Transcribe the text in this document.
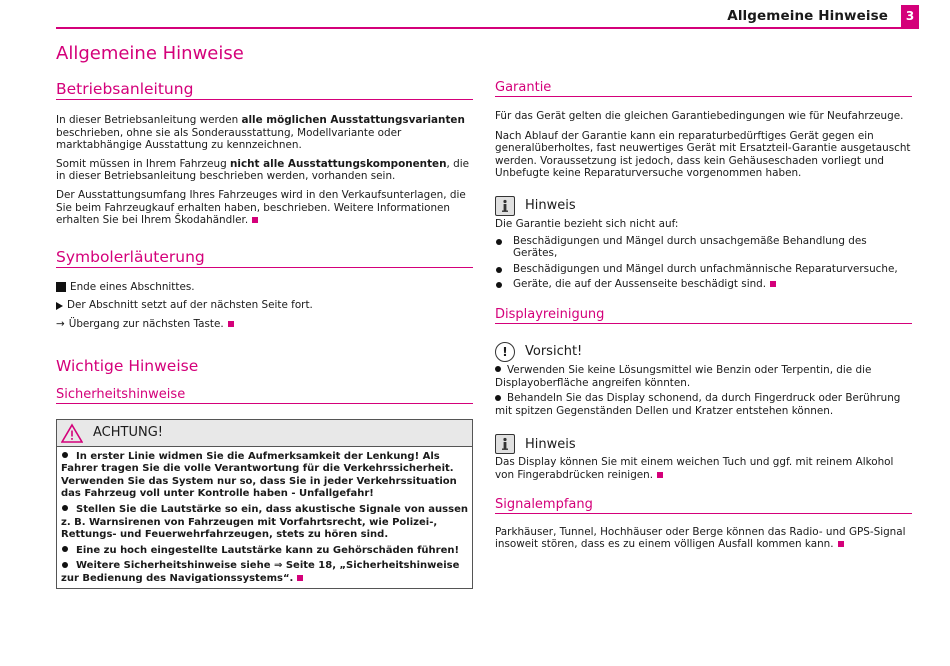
Allgemeine Hinweise	3
Allgemeine Hinweise
Betriebsanleitung

In dieser Betriebsanleitung werden alle möglichen Ausstattungsvarianten beschrieben, ohne sie als Sonderausstattung, Modellvariante oder marktabhängige Ausstattung zu kennzeichnen.

Somit müssen in Ihrem Fahrzeug nicht alle Ausstattungskomponenten, die in dieser Betriebsanleitung beschrieben werden, vorhanden sein.

Der Ausstattungsumfang Ihres Fahrzeuges wird in den Verkaufsunterlagen, die Sie beim Fahrzeugkauf erhalten haben, beschrieben. Weitere Informationen erhalten Sie bei Ihrem Škodahändler.

Symbolerläuterung
Ende eines Abschnittes.
Der Abschnitt setzt auf der nächsten Seite fort.
→ Übergang zur nächsten Taste.
Wichtige Hinweise
Sicherheitshinweise
ACHTUNG!
In erster Linie widmen Sie die Aufmerksamkeit der Lenkung! Als Fahrer tragen Sie die volle Verantwortung für die Verkehrssicherheit. Verwenden Sie das System nur so, dass Sie in jeder Verkehrssituation das Fahrzeug voll unter Kontrolle haben - Unfallgefahr!
Stellen Sie die Lautstärke so ein, dass akustische Signale von aussen z. B. Warnsirenen von Fahrzeugen mit Vorfahrtsrecht, wie Polizei-, Rettungs- und Feuerwehrfahrzeugen, stets zu hören sind.
Eine zu hoch eingestellte Lautstärke kann zu Gehörschäden führen!
Weitere Sicherheitshinweise siehe ⇒ Seite 18, „Sicherheitshinweise zur Bedienung des Navigationssystems“.
Garantie

Für das Gerät gelten die gleichen Garantiebedingungen wie für Neufahrzeuge.

Nach Ablauf der Garantie kann ein reparaturbedürftiges Gerät gegen ein generalüberholtes, fast neuwertiges Gerät mit Ersatzteil-Garantie ausgetauscht werden. Voraussetzung ist jedoch, dass kein Gehäuseschaden vorliegt und Unbefugte keine Reparaturversuche vorgenommen haben.

Hinweis

Die Garantie bezieht sich nicht auf:

Beschädigungen und Mängel durch unsachgemäße Behandlung des Gerätes,
Beschädigungen und Mängel durch unfachmännische Reparaturversuche,
Geräte, die auf der Aussenseite beschädigt sind.
Displayreinigung
!	Vorsicht!
Verwenden Sie keine Lösungsmittel wie Benzin oder Terpentin, die die Displayoberfläche angreifen könnten.
Behandeln Sie das Display schonend, da durch Fingerdruck oder Berührung mit spitzen Gegenständen Dellen und Kratzer entstehen können.
Hinweis

Das Display können Sie mit einem weichen Tuch und ggf. mit reinem Alkohol von Fingerabdrücken reinigen.

Signalempfang

Parkhäuser, Tunnel, Hochhäuser oder Berge können das Radio- und GPS-Signal insoweit stören, dass es zu einem völligen Ausfall kommen kann.
